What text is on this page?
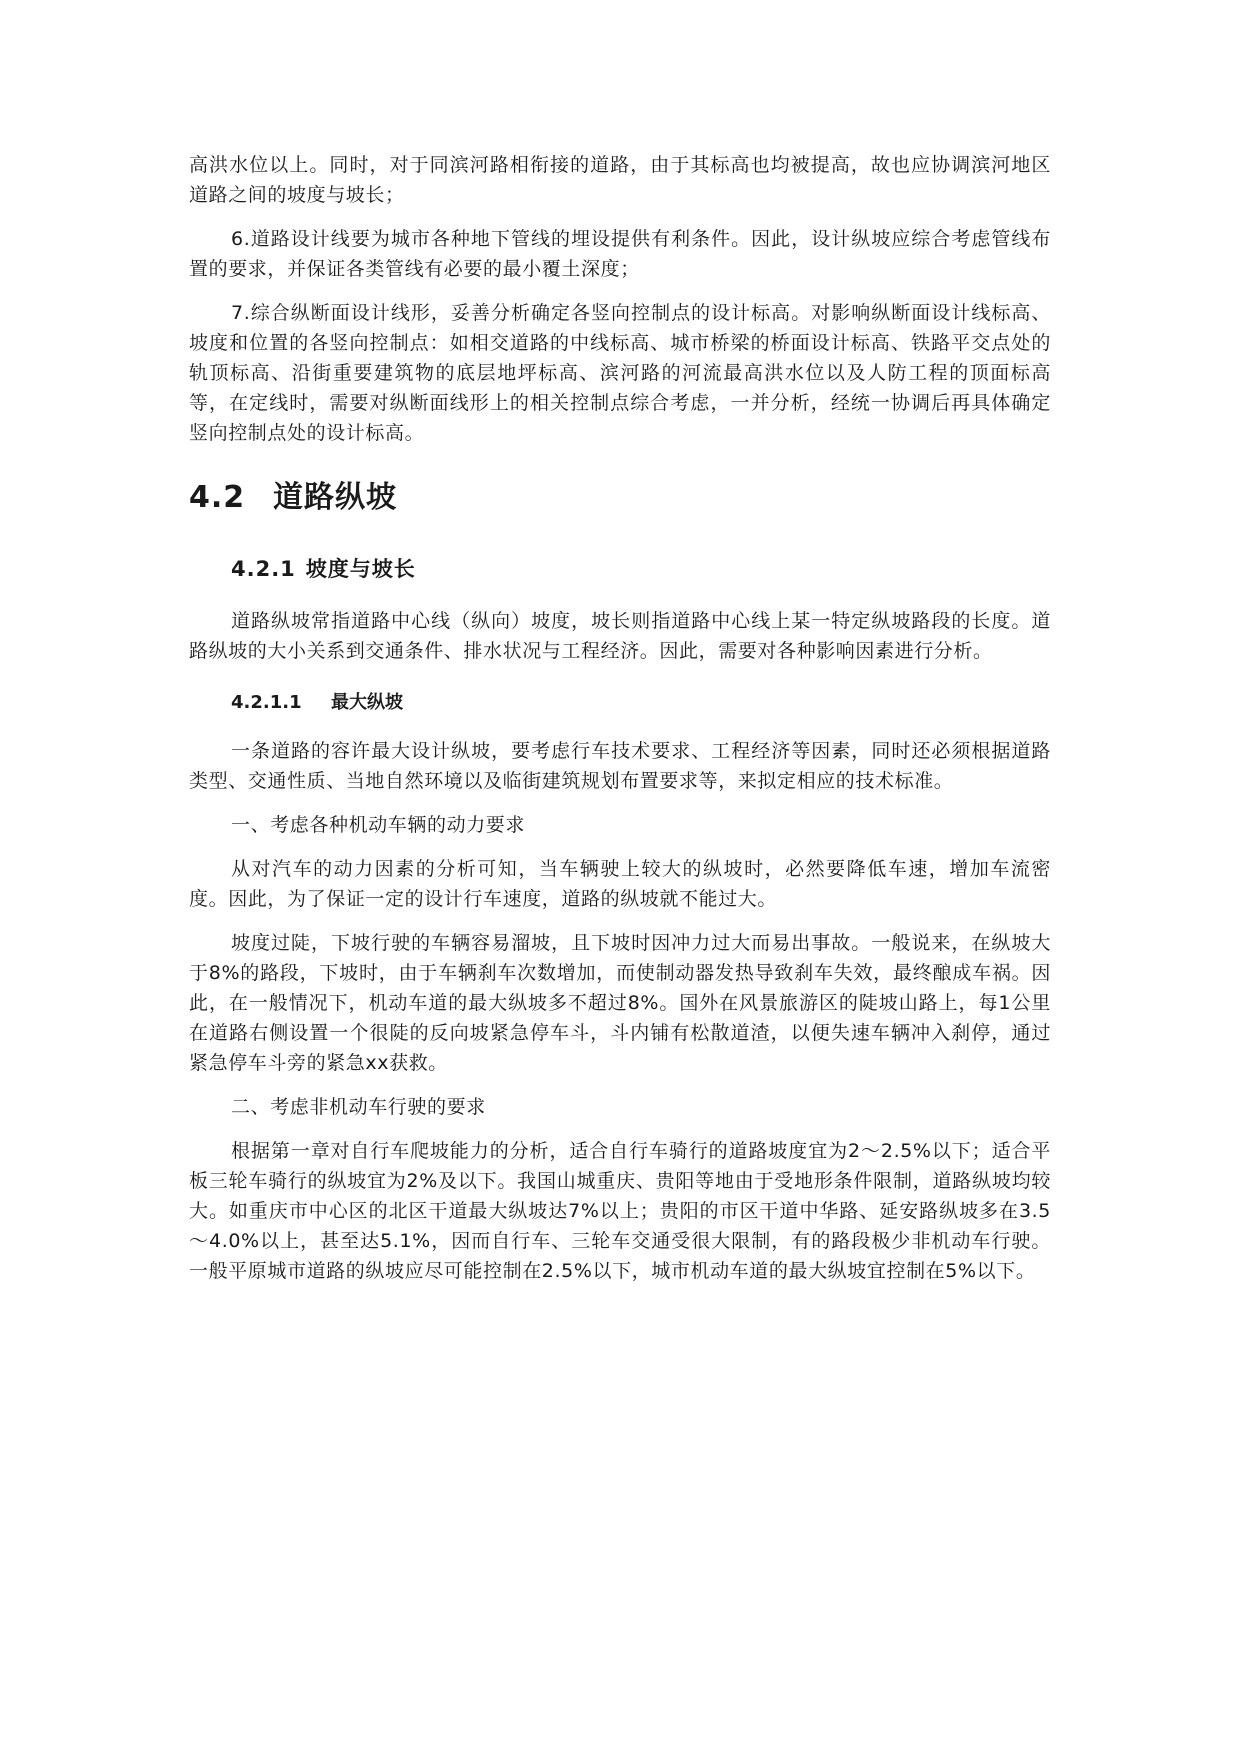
高洪水位以上。同时，对于同滨河路相衔接的道路，由于其标高也均被提高，故也应协调滨河地区道路之间的坡度与坡长；

6.道路设计线要为城市各种地下管线的埋设提供有利条件。因此，设计纵坡应综合考虑管线布置的要求，并保证各类管线有必要的最小覆土深度；

7.综合纵断面设计线形，妥善分析确定各竖向控制点的设计标高。对影响纵断面设计线标高、坡度和位置的各竖向控制点：如相交道路的中线标高、城市桥梁的桥面设计标高、铁路平交点处的轨顶标高、沿街重要建筑物的底层地坪标高、滨河路的河流最高洪水位以及人防工程的顶面标高等，在定线时，需要对纵断面线形上的相关控制点综合考虑，一并分析，经统一协调后再具体确定竖向控制点处的设计标高。

4.2 道路纵坡
4.2.1 坡度与坡长

道路纵坡常指道路中心线（纵向）坡度，坡长则指道路中心线上某一特定纵坡路段的长度。道路纵坡的大小关系到交通条件、排水状况与工程经济。因此，需要对各种影响因素进行分析。

4.2.1.1 最大纵坡

一条道路的容许最大设计纵坡，要考虑行车技术要求、工程经济等因素，同时还必须根据道路类型、交通性质、当地自然环境以及临街建筑规划布置要求等，来拟定相应的技术标准。

一、考虑各种机动车辆的动力要求

从对汽车的动力因素的分析可知，当车辆驶上较大的纵坡时，必然要降低车速，增加车流密度。因此，为了保证一定的设计行车速度，道路的纵坡就不能过大。

坡度过陡，下坡行驶的车辆容易溜坡，且下坡时因冲力过大而易出事故。一般说来，在纵坡大于8%的路段，下坡时，由于车辆刹车次数增加，而使制动器发热导致刹车失效，最终酿成车祸。因此，在一般情况下，机动车道的最大纵坡多不超过8%。国外在风景旅游区的陡坡山路上，每1公里在道路右侧设置一个很陡的反向坡紧急停车斗，斗内铺有松散道渣，以便失速车辆冲入刹停，通过紧急停车斗旁的紧急xx获救。

二、考虑非机动车行驶的要求

根据第一章对自行车爬坡能力的分析，适合自行车骑行的道路坡度宜为2～2.5%以下；适合平板三轮车骑行的纵坡宜为2%及以下。我国山城重庆、贵阳等地由于受地形条件限制，道路纵坡均较大。如重庆市中心区的北区干道最大纵坡达7%以上；贵阳的市区干道中华路、延安路纵坡多在3.5～4.0%以上，甚至达5.1%，因而自行车、三轮车交通受很大限制，有的路段极少非机动车行驶。一般平原城市道路的纵坡应尽可能控制在2.5%以下，城市机动车道的最大纵坡宜控制在5%以下。
